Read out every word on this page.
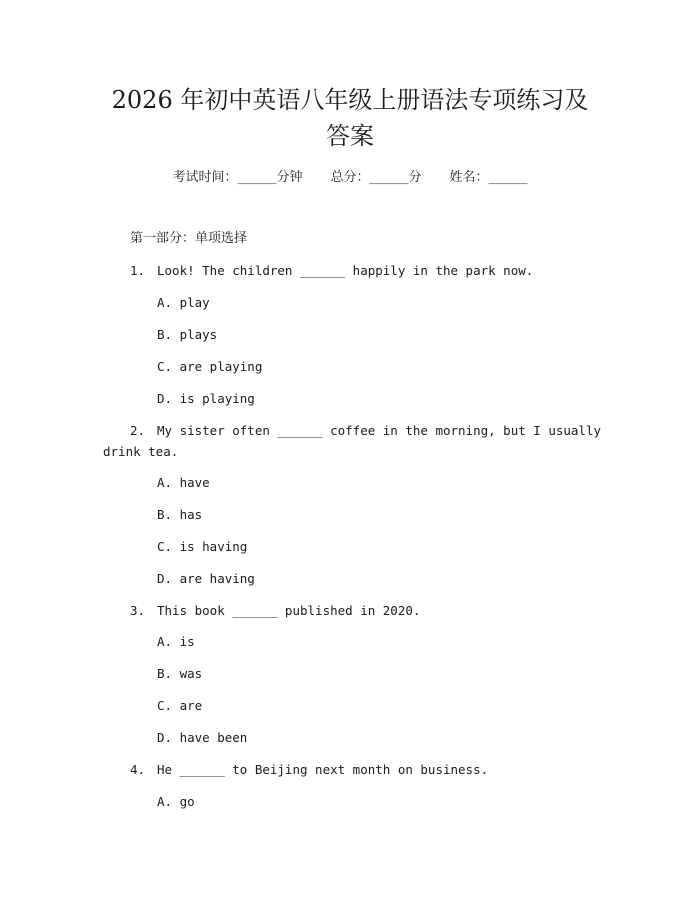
2026 年初中英语八年级上册语法专项练习及
答案
考试时间：______分钟 总分：______分 姓名：______
第一部分：单项选择
1. Look! The children ______ happily in the park now.
A. play
B. plays
C. are playing
D. is playing
2. My sister often ______ coffee in the morning, but I usually
drink tea.
A. have
B. has
C. is having
D. are having
3. This book ______ published in 2020.
A. is
B. was
C. are
D. have been
4. He ______ to Beijing next month on business.
A. go
